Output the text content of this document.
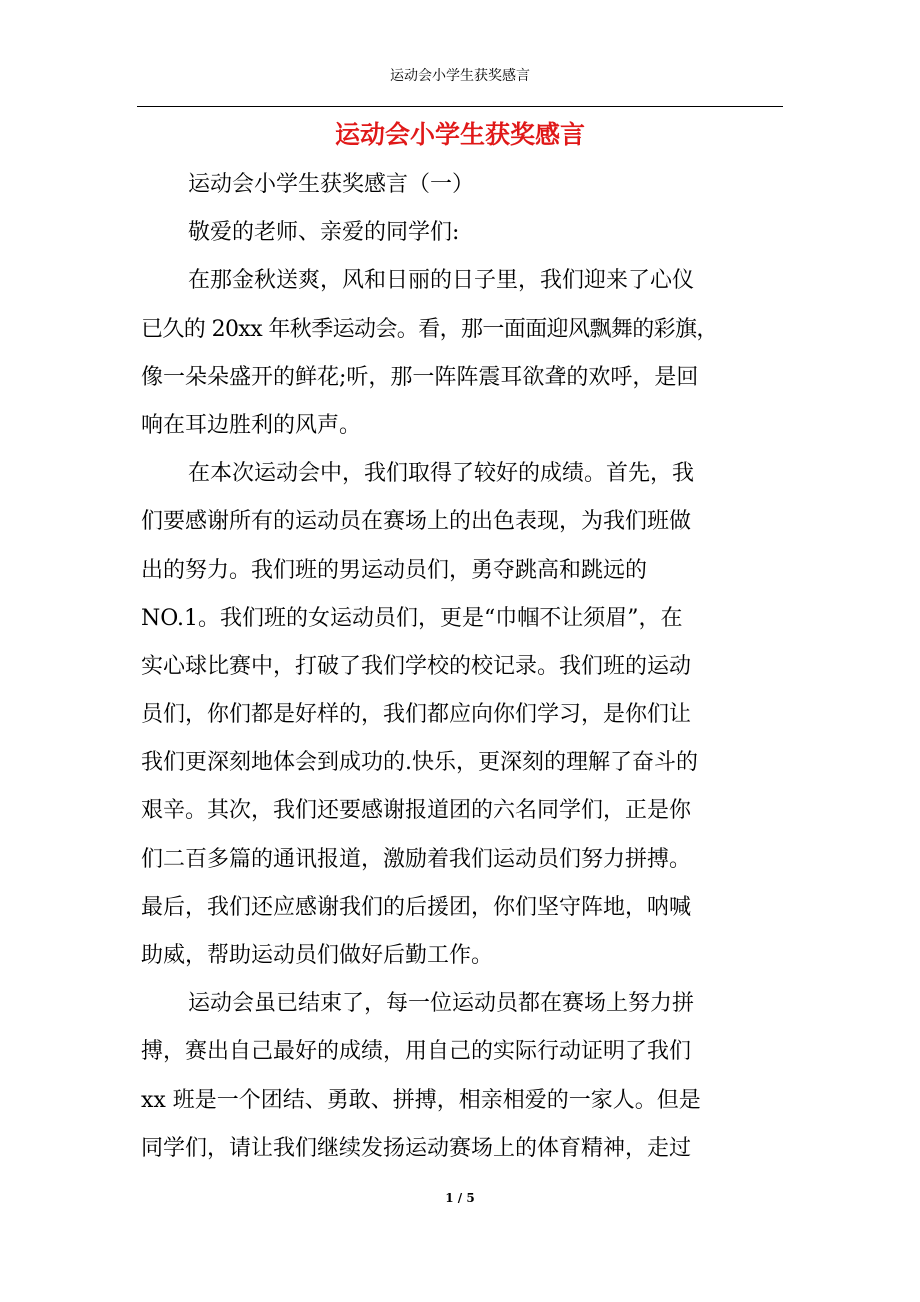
运动会小学生获奖感言
运动会小学生获奖感言
运动会小学生获奖感言（一）
敬爱的老师、亲爱的同学们:
在那金秋送爽，风和日丽的日子里，我们迎来了心仪
已久的 20xx 年秋季运动会。看，那一面面迎风飘舞的彩旗，
像一朵朵盛开的鲜花;听，那一阵阵震耳欲聋的欢呼，是回
响在耳边胜利的风声。
在本次运动会中，我们取得了较好的成绩。首先，我
们要感谢所有的运动员在赛场上的出色表现，为我们班做
出的努力。我们班的男运动员们，勇夺跳高和跳远的
NO.1。我们班的女运动员们，更是“巾帼不让须眉”，在
实心球比赛中，打破了我们学校的校记录。我们班的运动
员们，你们都是好样的，我们都应向你们学习，是你们让
我们更深刻地体会到成功的.快乐，更深刻的理解了奋斗的
艰辛。其次，我们还要感谢报道团的六名同学们，正是你
们二百多篇的通讯报道，激励着我们运动员们努力拼搏。
最后，我们还应感谢我们的后援团，你们坚守阵地，呐喊
助威，帮助运动员们做好后勤工作。
运动会虽已结束了，每一位运动员都在赛场上努力拼
搏，赛出自己最好的成绩，用自己的实际行动证明了我们
xx 班是一个团结、勇敢、拼搏，相亲相爱的一家人。但是
同学们，请让我们继续发扬运动赛场上的体育精神，走过
1 / 5
